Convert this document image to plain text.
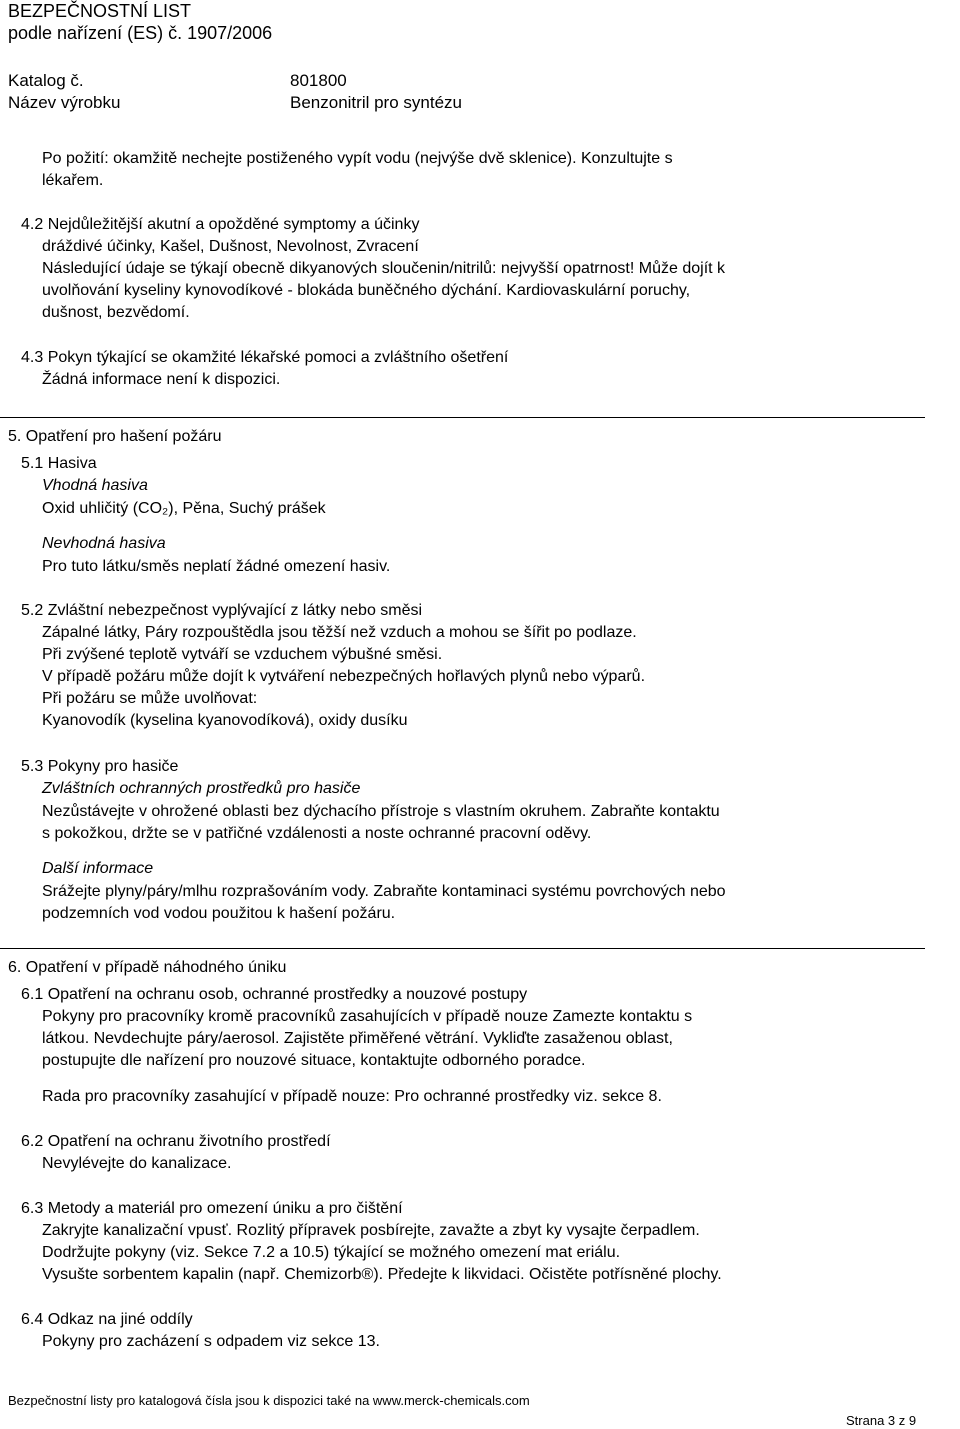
BEZPEČNOSTNÍ LIST
podle nařízení (ES) č. 1907/2006
Katalog č.	801800
Název výrobku	Benzonitril pro syntézu
Po požití: okamžitě nechejte postiženého vypít vodu (nejvýše dvě sklenice). Konzultujte s
lékařem.
4.2 Nejdůležitější akutní a opožděné symptomy a účinky
dráždivé účinky, Kašel, Dušnost, Nevolnost, Zvracení
Následující údaje se týkají obecně dikyanových sloučenin/nitrilů: nejvyšší opatrnost! Může dojít k
uvolňování kyseliny kynovodíkové - blokáda buněčného dýchání. Kardiovaskulární poruchy,
dušnost, bezvědomí.
4.3 Pokyn týkající se okamžité lékařské pomoci a zvláštního ošetření
Žádná informace není k dispozici.
5. Opatření pro hašení požáru
5.1 Hasiva
Vhodná hasiva
Oxid uhličitý (CO₂), Pěna, Suchý prášek
Nevhodná hasiva
Pro tuto látku/směs neplatí žádné omezení hasiv.
5.2 Zvláštní nebezpečnost vyplývající z látky nebo směsi
Zápalné látky, Páry rozpouštědla jsou těžší než vzduch a mohou se šířit po podlaze.
Při zvýšené teplotě vytváří se vzduchem výbušné směsi.
V případě požáru může dojít k vytváření nebezpečných hořlavých plynů nebo výparů.
Při požáru se může uvolňovat:
Kyanovodík (kyselina kyanovodíková), oxidy dusíku
5.3 Pokyny pro hasiče
Zvláštních ochranných prostředků pro hasiče
Nezůstávejte v ohrožené oblasti bez dýchacího přístroje s vlastním okruhem. Zabraňte kontaktu
s pokožkou, držte se v patřičné vzdálenosti a noste ochranné pracovní oděvy.
Další informace
Srážejte plyny/páry/mlhu rozprašováním vody. Zabraňte kontaminaci systému povrchových nebo
podzemních vod vodou použitou k hašení požáru.
6. Opatření v případě náhodného úniku
6.1 Opatření na ochranu osob, ochranné prostředky a nouzové postupy
Pokyny pro pracovníky kromě pracovníků zasahujících v případě nouze Zamezte kontaktu s
látkou. Nevdechujte páry/aerosol. Zajistěte přiměřené větrání. Vykliďte zasaženou oblast,
postupujte dle nařízení pro nouzové situace, kontaktujte odborného poradce.
Rada pro pracovníky zasahující v případě nouze: Pro ochranné prostředky viz. sekce 8.
6.2 Opatření na ochranu životního prostředí
Nevylévejte do kanalizace.
6.3 Metody a materiál pro omezení úniku a pro čištění
Zakryjte kanalizační vpusť. Rozlitý přípravek posbírejte, zavažte a zbyt ky vysajte čerpadlem.
Dodržujte pokyny (viz. Sekce 7.2 a 10.5) týkající se možného omezení mat eriálu.
Vysušte sorbentem kapalin (např. Chemizorb®). Předejte k likvidaci. Očistěte potřísněné plochy.
6.4 Odkaz na jiné oddíly
Pokyny pro zacházení s odpadem viz sekce 13.
Bezpečnostní listy pro katalogová čísla jsou k dispozici také na www.merck-chemicals.com
Strana 3 z 9
